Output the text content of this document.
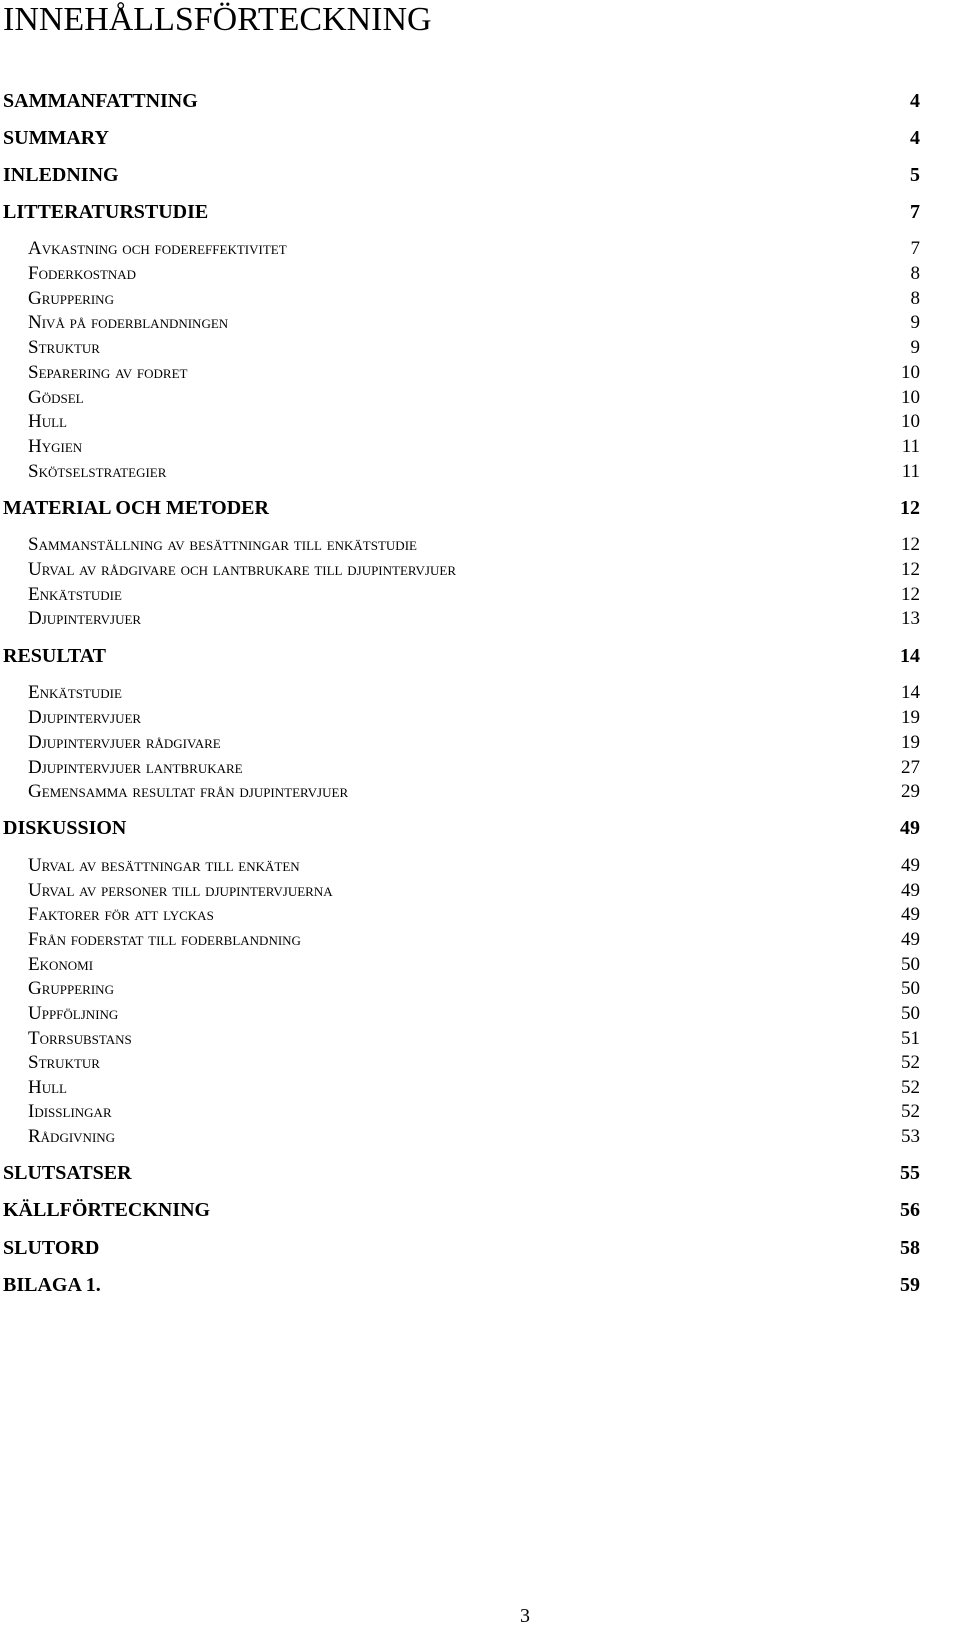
INNEHÅLLSFÖRTECKNING
SAMMANFATTNING	4
SUMMARY	4
INLEDNING	5
LITTERATURSTUDIE	7
Avkastning och fodereffektivitet	7
Foderkostnad	8
Gruppering	8
Nivå på foderblandningen	9
Struktur	9
Separering av fodret	10
Gödsel	10
Hull	10
Hygien	11
Skötselstrategier	11
MATERIAL OCH METODER	12
Sammanställning av besättningar till enkätstudie	12
Urval av rådgivare och lantbrukare till djupintervjuer	12
Enkätstudie	12
Djupintervjuer	13
RESULTAT	14
Enkätstudie	14
Djupintervjuer	19
Djupintervjuer rådgivare	19
Djupintervjuer lantbrukare	27
Gemensamma resultat från djupintervjuer	29
DISKUSSION	49
Urval av besättningar till enkäten	49
Urval av personer till djupintervjuerna	49
Faktorer för att lyckas	49
Från foderstat till foderblandning	49
Ekonomi	50
Gruppering	50
Uppföljning	50
Torrsubstans	51
Struktur	52
Hull	52
Idisslingar	52
Rådgivning	53
SLUTSATSER	55
KÄLLFÖRTECKNING	56
SLUTORD	58
BILAGA 1.	59
3
